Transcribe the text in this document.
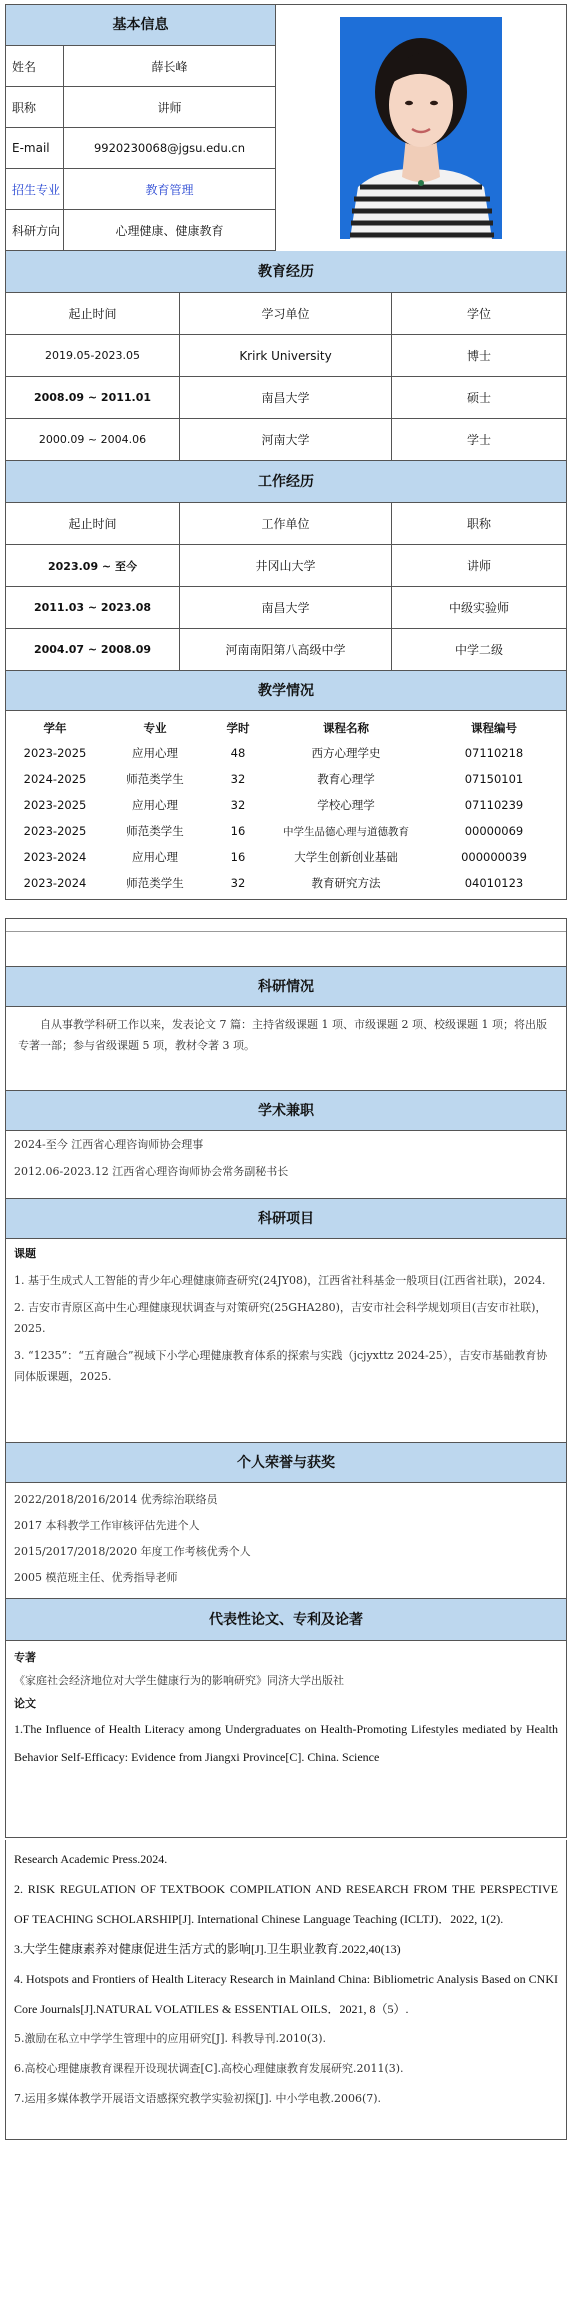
基本信息
姓名	薛长峰
职称	讲师
E-mail	9920230068@jgsu.edu.cn
招生专业	教育管理
科研方向	心理健康、健康教育
教育经历
起止时间	学习单位	学位
2019.05-2023.05	Krirk University	博士
2008.09 ~ 2011.01	南昌大学	硕士
2000.09 ~ 2004.06	河南大学	学士
工作经历
起止时间	工作单位	职称
2023.09 ~ 至今	井冈山大学	讲师
2011.03 ~ 2023.08	南昌大学	中级实验师
2004.07 ~ 2008.09	河南南阳第八高级中学	中学二级
教学情况
学年	专业	学时	课程名称	课程编号
2023-2025	应用心理	48	西方心理学史	07110218
2024-2025	师范类学生	32	教育心理学	07150101
2023-2025	应用心理	32	学校心理学	07110239
2023-2025	师范类学生	16	中学生品德心理与道德教育	00000069
2023-2024	应用心理	16	大学生创新创业基础	000000039
2023-2024	师范类学生	32	教育研究方法	04010123
科研情况
自从事教学科研工作以来，发表论文 7 篇：主持省级课题 1 项、市级课题 2 项、校级课题 1 项；将出版专著一部；参与省级课题 5 项，教材令著 3 项。
学术兼职
2024-至今 江西省心理咨询师协会理事
2012.06-2023.12 江西省心理咨询师协会常务副秘书长
科研项目
课题
1. 基于生成式人工智能的青少年心理健康筛查研究(24JY08)，江西省社科基金一般项目(江西省社联)，2024.
2. 吉安市青原区高中生心理健康现状调查与对策研究(25GHA280)，吉安市社会科学规划项目(吉安市社联)，2025.
3. “1235”：“五育融合”视域下小学心理健康教育体系的探索与实践（jcjyxttz 2024-25），吉安市基础教育协同体版课题，2025.
个人荣誉与获奖
2022/2018/2016/2014 优秀综治联络员
2017 本科教学工作审核评估先进个人
2015/2017/2018/2020 年度工作考核优秀个人
2005 模范班主任、优秀指导老师
代表性论文、专利及论著
专著
《家庭社会经济地位对大学生健康行为的影响研究》同济大学出版社
论文
1.The Influence of Health Literacy among Undergraduates on Health-Promoting Lifestyles mediated by Health Behavior Self-Efficacy: Evidence from Jiangxi Province[C]. China. Science
Research Academic Press.2024.
2. RISK REGULATION OF TEXTBOOK COMPILATION AND RESEARCH FROM THE PERSPECTIVE OF TEACHING SCHOLARSHIP[J]. International Chinese Language Teaching (ICLTJ)．2022, 1(2).
3.大学生健康素养对健康促进生活方式的影响[J].卫生职业教育.2022,40(13)
4. Hotspots and Frontiers of Health Literacy Research in Mainland China: Bibliometric Analysis Based on CNKI Core Journals[J].NATURAL VOLATILES & ESSENTIAL OILS．2021, 8（5）.
5.激励在私立中学学生管理中的应用研究[J]. 科教导刊.2010(3).
6.高校心理健康教育课程开设现状调查[C].高校心理健康教育发展研究.2011(3).
7.运用多媒体教学开展语文语感探究教学实验初探[J]. 中小学电教.2006(7).
